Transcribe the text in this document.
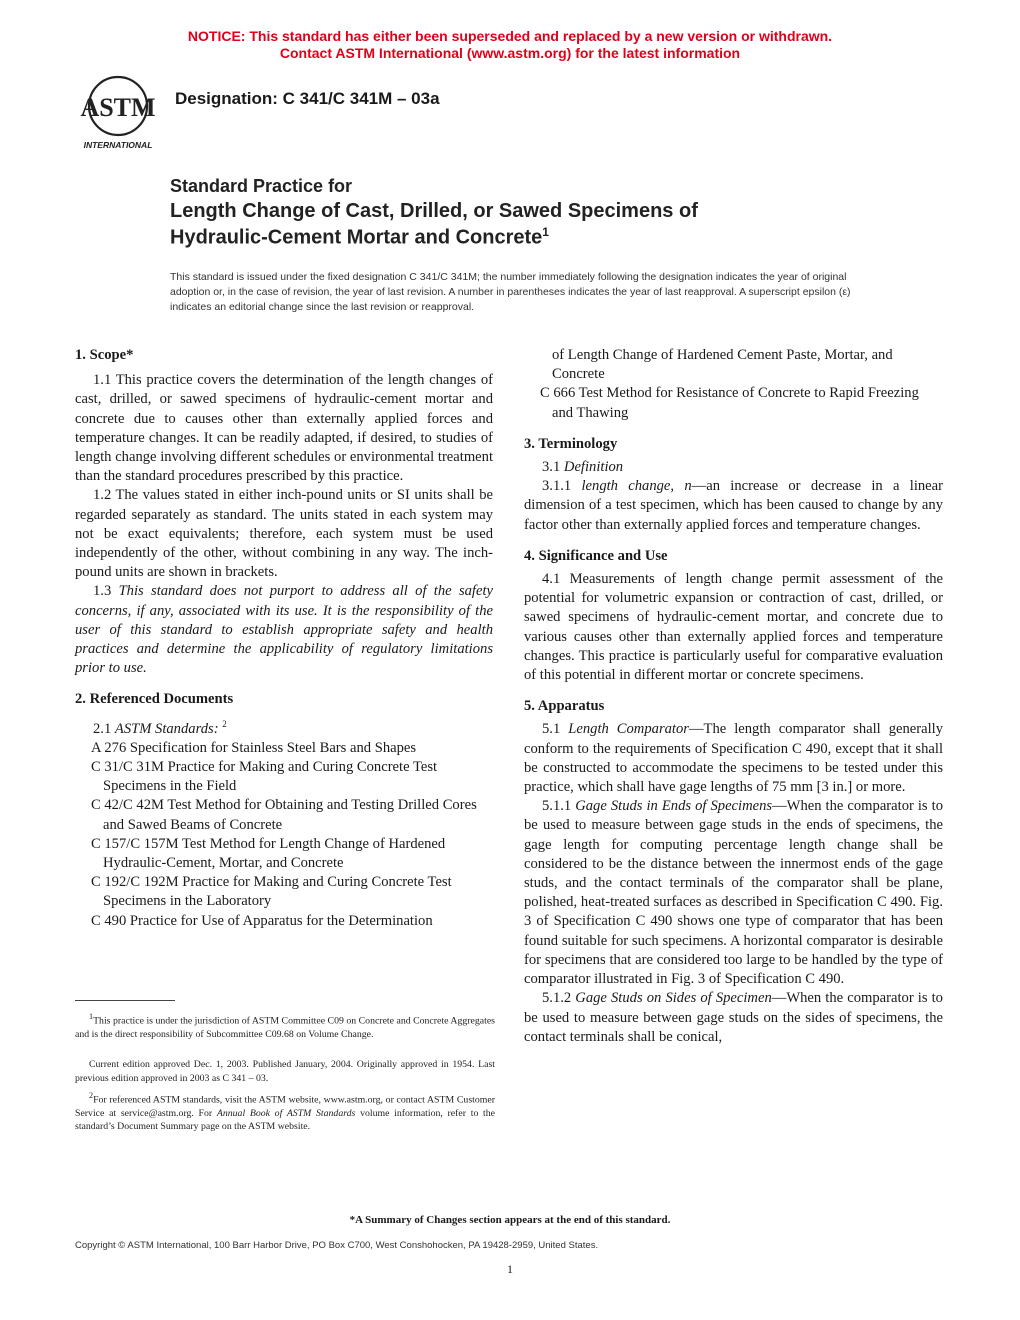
NOTICE: This standard has either been superseded and replaced by a new version or withdrawn.
Contact ASTM International (www.astm.org) for the latest information
ASTM
INTERNATIONAL
Designation: C 341/C 341M – 03a
Standard Practice for
Length Change of Cast, Drilled, or Sawed Specimens of
Hydraulic-Cement Mortar and Concrete$^1$
This standard is issued under the fixed designation C 341/C 341M; the number immediately following the designation indicates the year of original adoption or, in the case of revision, the year of last revision. A number in parentheses indicates the year of last reapproval. A superscript epsilon (ε) indicates an editorial change since the last revision or reapproval.
1. Scope*
1.1 This practice covers the determination of the length changes of cast, drilled, or sawed specimens of hydraulic-cement mortar and concrete due to causes other than externally applied forces and temperature changes. It can be readily adapted, if desired, to studies of length change involving different schedules or environmental treatment than the standard procedures prescribed by this practice.
1.2 The values stated in either inch-pound units or SI units shall be regarded separately as standard. The units stated in each system may not be exact equivalents; therefore, each system must be used independently of the other, without combining in any way. The inch-pound units are shown in brackets.
1.3 This standard does not purport to address all of the safety concerns, if any, associated with its use. It is the responsibility of the user of this standard to establish appropriate safety and health practices and determine the applicability of regulatory limitations prior to use.
2. Referenced Documents
2.1 ASTM Standards: $^2$
A 276 Specification for Stainless Steel Bars and Shapes
C 31/C 31M Practice for Making and Curing Concrete Test Specimens in the Field
C 42/C 42M Test Method for Obtaining and Testing Drilled Cores and Sawed Beams of Concrete
C 157/C 157M Test Method for Length Change of Hardened Hydraulic-Cement, Mortar, and Concrete
C 192/C 192M Practice for Making and Curing Concrete Test Specimens in the Laboratory
C 490 Practice for Use of Apparatus for the Determination
$^1$This practice is under the jurisdiction of ASTM Committee C09 on Concrete and Concrete Aggregates and is the direct responsibility of Subcommittee C09.68 on Volume Change.
Current edition approved Dec. 1, 2003. Published January, 2004. Originally approved in 1954. Last previous edition approved in 2003 as C 341 – 03.
$^2$For referenced ASTM standards, visit the ASTM website, www.astm.org, or contact ASTM Customer Service at service@astm.org. For Annual Book of ASTM Standards volume information, refer to the standard’s Document Summary page on the ASTM website.
of Length Change of Hardened Cement Paste, Mortar, and Concrete
C 666 Test Method for Resistance of Concrete to Rapid Freezing and Thawing
3. Terminology
3.1 Definition
3.1.1 length change, n—an increase or decrease in a linear dimension of a test specimen, which has been caused to change by any factor other than externally applied forces and temperature changes.
4. Significance and Use
4.1 Measurements of length change permit assessment of the potential for volumetric expansion or contraction of cast, drilled, or sawed specimens of hydraulic-cement mortar, and concrete due to various causes other than externally applied forces and temperature changes. This practice is particularly useful for comparative evaluation of this potential in different mortar or concrete specimens.
5. Apparatus
5.1 Length Comparator—The length comparator shall generally conform to the requirements of Specification C 490, except that it shall be constructed to accommodate the specimens to be tested under this practice, which shall have gage lengths of 75 mm [3 in.] or more.
5.1.1 Gage Studs in Ends of Specimens—When the comparator is to be used to measure between gage studs in the ends of specimens, the gage length for computing percentage length change shall be considered to be the distance between the innermost ends of the gage studs, and the contact terminals of the comparator shall be plane, polished, heat-treated surfaces as described in Specification C 490. Fig. 3 of Specification C 490 shows one type of comparator that has been found suitable for such specimens. A horizontal comparator is desirable for specimens that are considered too large to be handled by the type of comparator illustrated in Fig. 3 of Specification C 490.
5.1.2 Gage Studs on Sides of Specimen—When the comparator is to be used to measure between gage studs on the sides of specimens, the contact terminals shall be conical,
*A Summary of Changes section appears at the end of this standard.
Copyright © ASTM International, 100 Barr Harbor Drive, PO Box C700, West Conshohocken, PA 19428-2959, United States.
1
